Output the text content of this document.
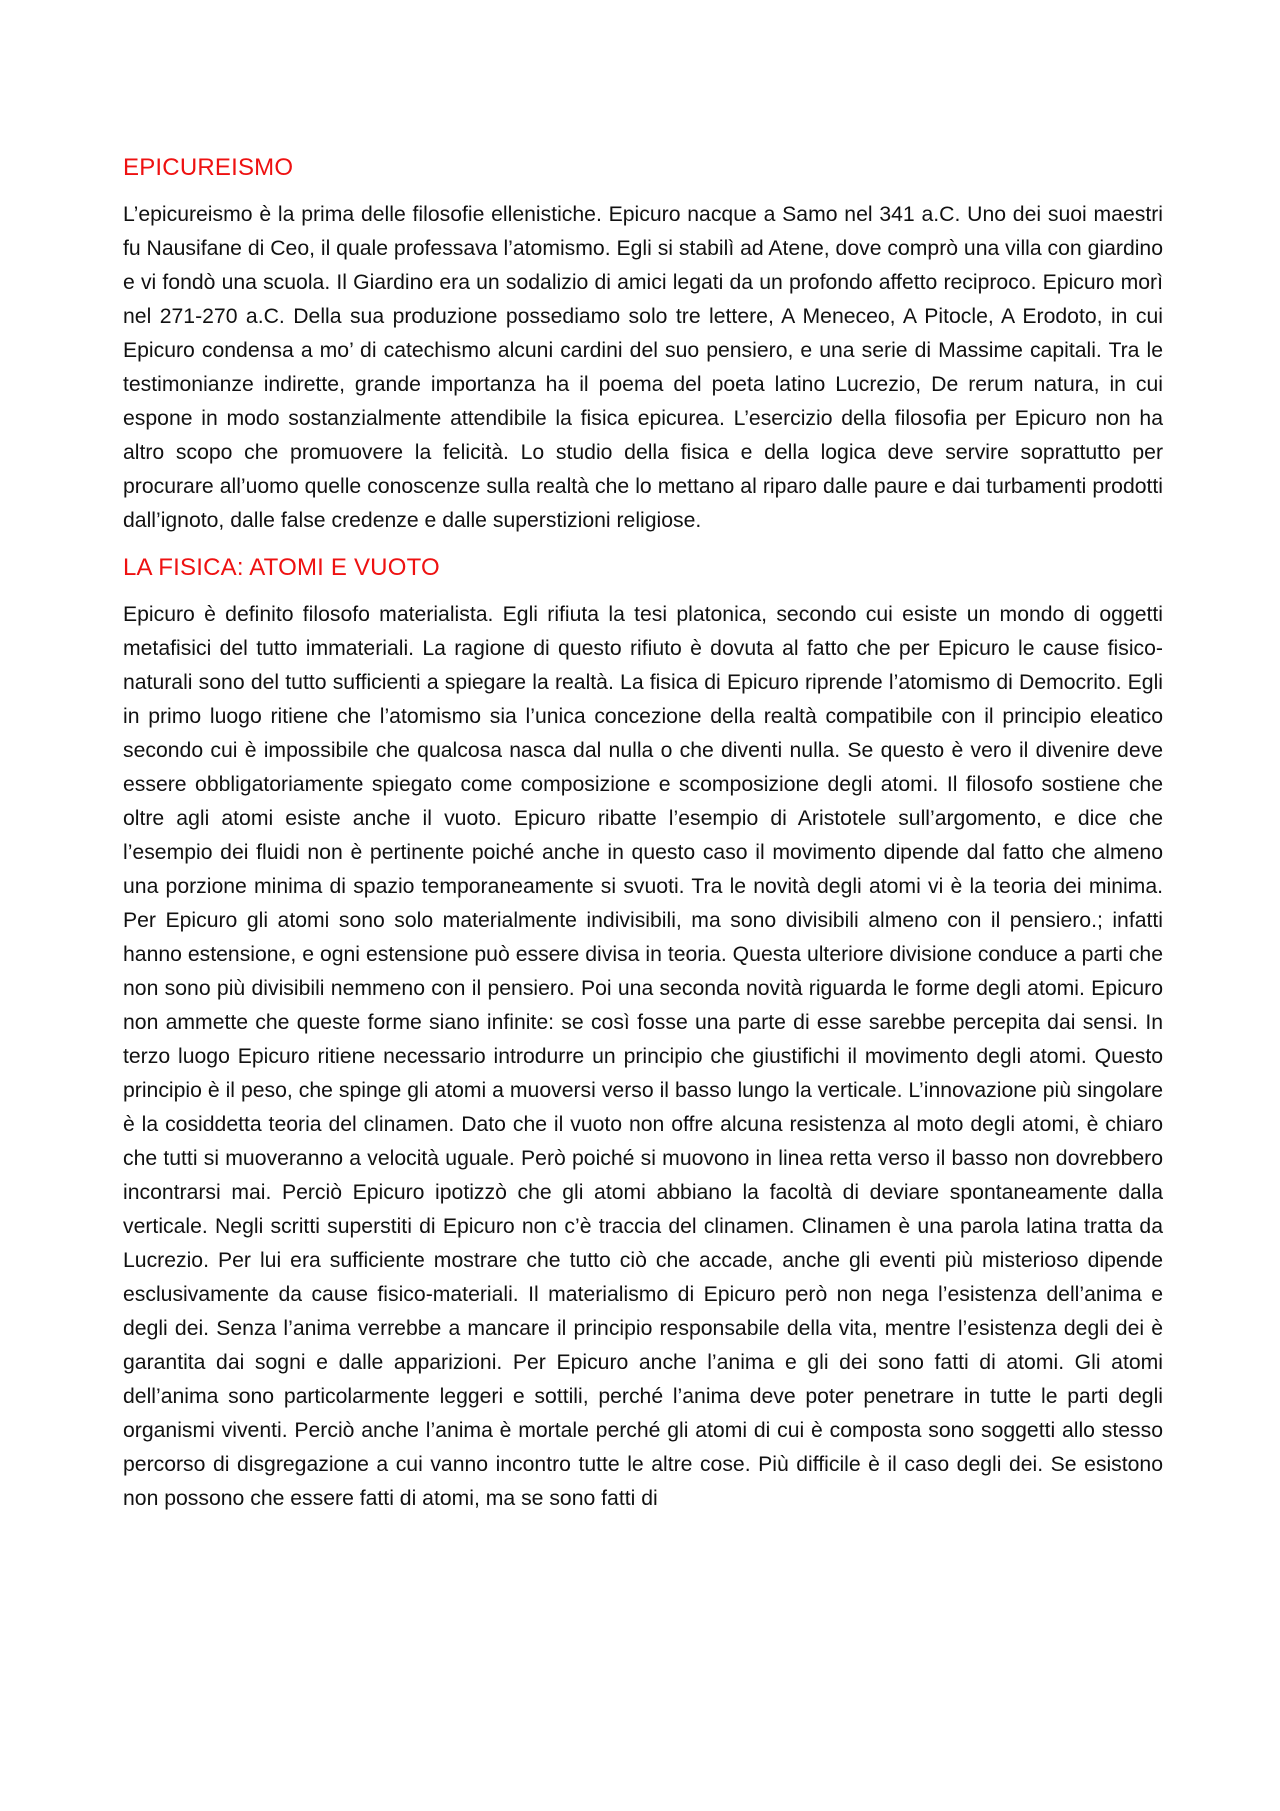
EPICUREISMO

L’epicureismo è la prima delle filosofie ellenistiche. Epicuro nacque a Samo nel 341 a.C. Uno dei suoi maestri fu Nausifane di Ceo, il quale professava l’atomismo. Egli si stabilì ad Atene, dove comprò una villa con giardino e vi fondò una scuola. Il Giardino era un sodalizio di amici legati da un profondo affetto reciproco. Epicuro morì nel 271-270 a.C. Della sua produzione possediamo solo tre lettere, A Meneceo, A Pitocle, A Erodoto, in cui Epicuro condensa a mo’ di catechismo alcuni cardini del suo pensiero, e una serie di Massime capitali. Tra le testimonianze indirette, grande importanza ha il poema del poeta latino Lucrezio, De rerum natura, in cui espone in modo sostanzialmente attendibile la fisica epicurea. L’esercizio della filosofia per Epicuro non ha altro scopo che promuovere la felicità. Lo studio della fisica e della logica deve servire soprattutto per procurare all’uomo quelle conoscenze sulla realtà che lo mettano al riparo dalle paure e dai turbamenti prodotti dall’ignoto, dalle false credenze e dalle superstizioni religiose.

LA FISICA: ATOMI E VUOTO

Epicuro è definito filosofo materialista. Egli rifiuta la tesi platonica, secondo cui esiste un mondo di oggetti metafisici del tutto immateriali. La ragione di questo rifiuto è dovuta al fatto che per Epicuro le cause fisico-naturali sono del tutto sufficienti a spiegare la realtà. La fisica di Epicuro riprende l’atomismo di Democrito. Egli in primo luogo ritiene che l’atomismo sia l’unica concezione della realtà compatibile con il principio eleatico secondo cui è impossibile che qualcosa nasca dal nulla o che diventi nulla. Se questo è vero il divenire deve essere obbligatoriamente spiegato come composizione e scomposizione degli atomi. Il filosofo sostiene che oltre agli atomi esiste anche il vuoto. Epicuro ribatte l’esempio di Aristotele sull’argomento, e dice che l’esempio dei fluidi non è pertinente poiché anche in questo caso il movimento dipende dal fatto che almeno una porzione minima di spazio temporaneamente si svuoti. Tra le novità degli atomi vi è la teoria dei minima. Per Epicuro gli atomi sono solo materialmente indivisibili, ma sono divisibili almeno con il pensiero.; infatti hanno estensione, e ogni estensione può essere divisa in teoria. Questa ulteriore divisione conduce a parti che non sono più divisibili nemmeno con il pensiero. Poi una seconda novità riguarda le forme degli atomi. Epicuro non ammette che queste forme siano infinite: se così fosse una parte di esse sarebbe percepita dai sensi. In terzo luogo Epicuro ritiene necessario introdurre un principio che giustifichi il movimento degli atomi. Questo principio è il peso, che spinge gli atomi a muoversi verso il basso lungo la verticale. L’innovazione più singolare è la cosiddetta teoria del clinamen. Dato che il vuoto non offre alcuna resistenza al moto degli atomi, è chiaro che tutti si muoveranno a velocità uguale. Però poiché si muovono in linea retta verso il basso non dovrebbero incontrarsi mai. Perciò Epicuro ipotizzò che gli atomi abbiano la facoltà di deviare spontaneamente dalla verticale. Negli scritti superstiti di Epicuro non c’è traccia del clinamen. Clinamen è una parola latina tratta da Lucrezio. Per lui era sufficiente mostrare che tutto ciò che accade, anche gli eventi più misterioso dipende esclusivamente da cause fisico-materiali. Il materialismo di Epicuro però non nega l’esistenza dell’anima e degli dei. Senza l’anima verrebbe a mancare il principio responsabile della vita, mentre l’esistenza degli dei è garantita dai sogni e dalle apparizioni. Per Epicuro anche l’anima e gli dei sono fatti di atomi. Gli atomi dell’anima sono particolarmente leggeri e sottili, perché l’anima deve poter penetrare in tutte le parti degli organismi viventi. Perciò anche l’anima è mortale perché gli atomi di cui è composta sono soggetti allo stesso percorso di disgregazione a cui vanno incontro tutte le altre cose. Più difficile è il caso degli dei. Se esistono non possono che essere fatti di atomi, ma se sono fatti di
